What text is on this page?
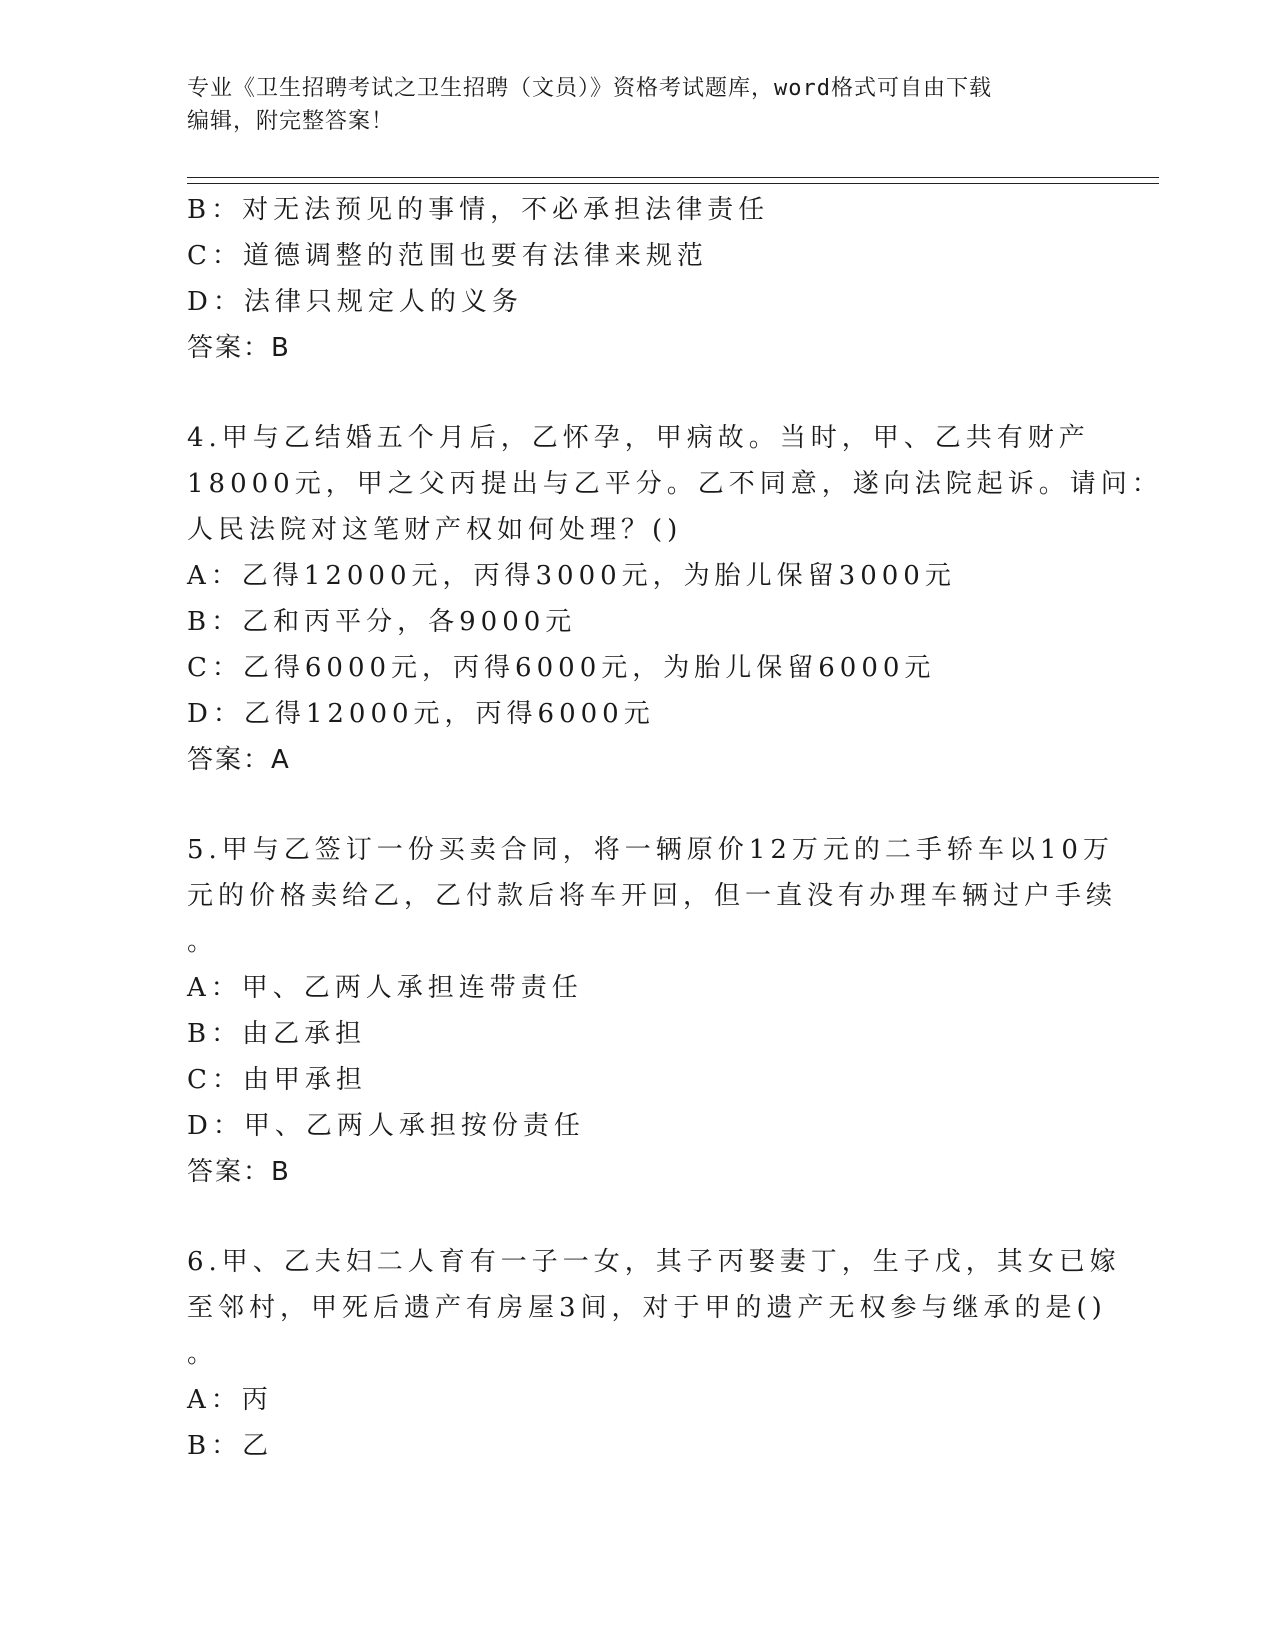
专业《卫生招聘考试之卫生招聘（文员）》资格考试题库，word格式可自由下载
编辑，附完整答案！
B：对无法预见的事情，不必承担法律责任
C：道德调整的范围也要有法律来规范
D：法律只规定人的义务
答案：B
4.甲与乙结婚五个月后，乙怀孕，甲病故。当时，甲、乙共有财产
18000元，甲之父丙提出与乙平分。乙不同意，遂向法院起诉。请问：
人民法院对这笔财产权如何处理？()
A：乙得12000元，丙得3000元，为胎儿保留3000元
B：乙和丙平分，各9000元
C：乙得6000元，丙得6000元，为胎儿保留6000元
D：乙得12000元，丙得6000元
答案：A
5.甲与乙签订一份买卖合同，将一辆原价12万元的二手轿车以10万
元的价格卖给乙，乙付款后将车开回，但一直没有办理车辆过户手续
。
A：甲、乙两人承担连带责任
B：由乙承担
C：由甲承担
D：甲、乙两人承担按份责任
答案：B
6.甲、乙夫妇二人育有一子一女，其子丙娶妻丁，生子戊，其女已嫁
至邻村，甲死后遗产有房屋3间，对于甲的遗产无权参与继承的是()
。
A：丙
B：乙
